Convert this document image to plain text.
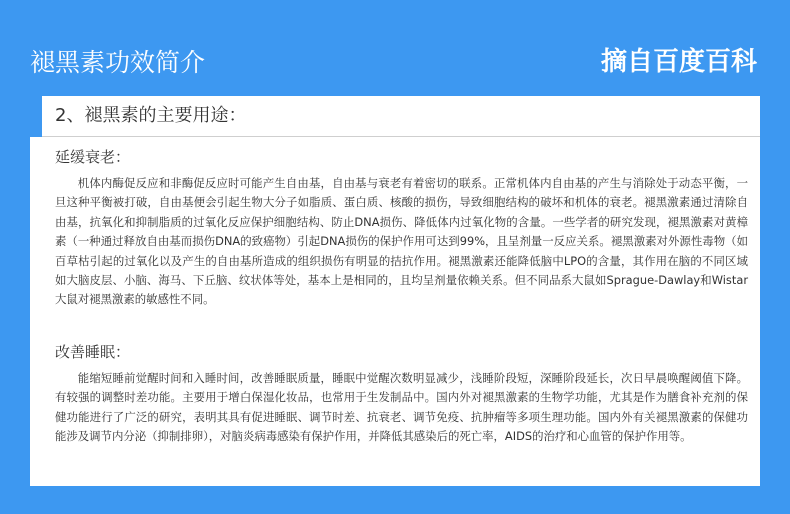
褪黑素功效简介	摘自百度百科
2、褪黑素的主要用途：
延缓衰老：

机体内酶促反应和非酶促反应时可能产生自由基，自由基与衰老有着密切的联系。正常机体内自由基的产生与消除处于动态平衡，一旦这种平衡被打破，自由基便会引起生物大分子如脂质、蛋白质、核酸的损伤，导致细胞结构的破坏和机体的衰老。褪黑激素通过清除自由基，抗氧化和抑制脂质的过氧化反应保护细胞结构、防止DNA损伤、降低体内过氧化物的含量。一些学者的研究发现，褪黑激素对黄樟素（一种通过释放自由基而损伤DNA的致癌物）引起DNA损伤的保护作用可达到99%，且呈剂量一反应关系。褪黑激素对外源性毒物（如百草枯引起的过氧化以及产生的自由基所造成的组织损伤有明显的拮抗作用。褪黑激素还能降低脑中LPO的含量，其作用在脑的不同区域如大脑皮层、小脑、海马、下丘脑、纹状体等处，基本上是相同的，且均呈剂量依赖关系。但不同品系大鼠如Sprague-Dawlay和Wistar大鼠对褪黑激素的敏感性不同。

改善睡眠：

能缩短睡前觉醒时间和入睡时间，改善睡眠质量，睡眠中觉醒次数明显减少，浅睡阶段短，深睡阶段延长，次日早晨唤醒阈值下降。有较强的调整时差功能。主要用于增白保湿化妆品，也常用于生发制品中。国内外对褪黑激素的生物学功能，尤其是作为膳食补充剂的保健功能进行了广泛的研究，表明其具有促进睡眠、调节时差、抗衰老、调节免疫、抗肿瘤等多项生理功能。国内外有关褪黑激素的保健功能涉及调节内分泌（抑制排卵），对脑炎病毒感染有保护作用，并降低其感染后的死亡率，AIDS的治疗和心血管的保护作用等。
